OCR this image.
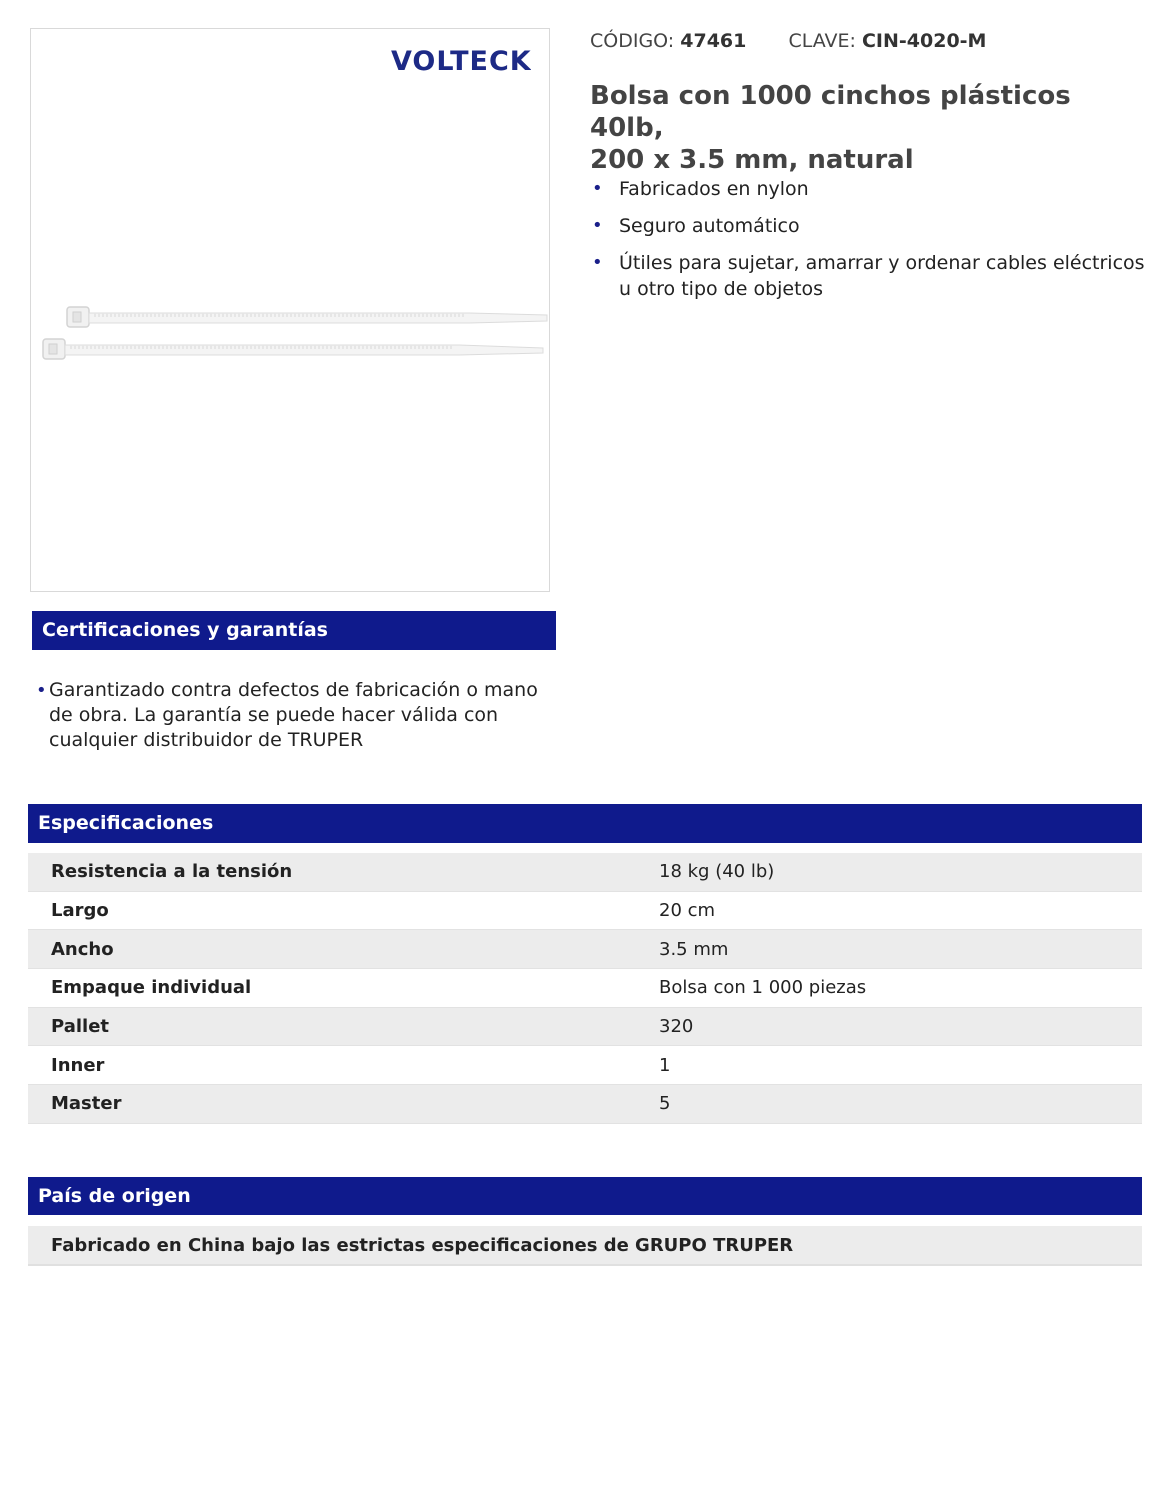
VOLTECK
CÓDIGO: 47461 CLAVE: CIN-4020-M
Bolsa con 1000 cinchos plásticos 40lb,
200 x 3.5 mm, natural
• Fabricados en nylon
• Seguro automático
• Útiles para sujetar, amarrar y ordenar cables eléctricos u otro tipo de objetos
Certificaciones y garantías
• Garantizado contra defectos de fabricación o mano de obra. La garantía se puede hacer válida con cualquier distribuidor de TRUPER
Especificaciones
Resistencia a la tensión	18 kg (40 lb)
Largo	20 cm
Ancho	3.5 mm
Empaque individual	Bolsa con 1 000 piezas
Pallet	320
Inner	1
Master	5
País de origen
Fabricado en China bajo las estrictas especificaciones de GRUPO TRUPER
